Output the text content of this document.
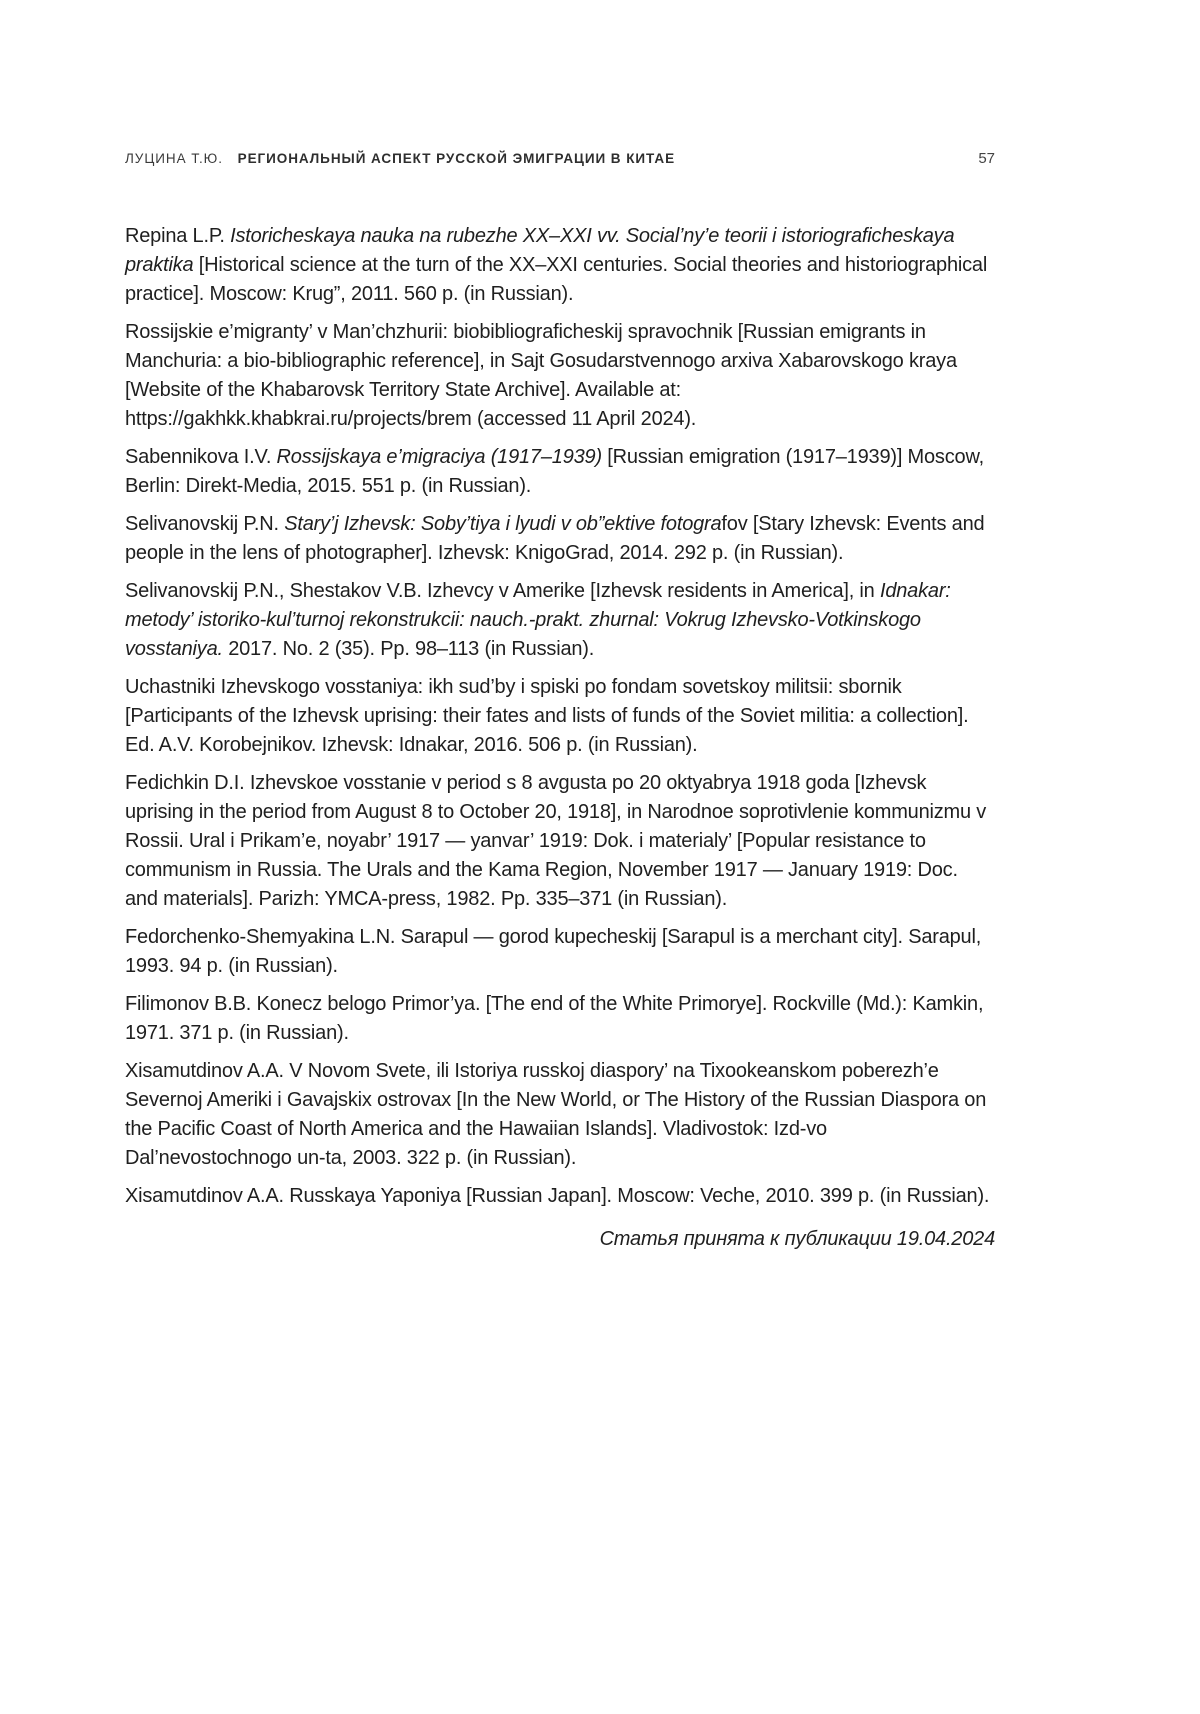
ЛУЦИНА Т.Ю. РЕГИОНАЛЬНЫЙ АСПЕКТ РУССКОЙ ЭМИГРАЦИИ В КИТАЕ	57

Repina L.P. Istoricheskaya nauka na rubezhe XX–XXI vv. Social’ny’e teorii i istoriograficheskaya praktika [Historical science at the turn of the XX–XXI centuries. Social theories and historiographical practice]. Moscow: Krug”, 2011. 560 p. (in Russian).

Rossijskie e’migranty’ v Man’chzhurii: biobibliograficheskij spravochnik [Russian emigrants in Manchuria: a bio-bibliographic reference], in Sajt Gosudarstvennogo arxiva Xabarovskogo kraya [Website of the Khabarovsk Territory State Archive]. Available at: https://gakhkk.khabkrai.ru/projects/brem (accessed 11 April 2024).

Sabennikova I.V. Rossijskaya e’migraciya (1917–1939) [Russian emigration (1917–1939)] Moscow, Berlin: Direkt-Media, 2015. 551 p. (in Russian).

Selivanovskij P.N. Stary’j Izhevsk: Soby’tiya i lyudi v ob”ektive fotografov [Stary Izhevsk: Events and people in the lens of photographer]. Izhevsk: KnigoGrad, 2014. 292 p. (in Russian).

Selivanovskij P.N., Shestakov V.B. Izhevcy v Amerike [Izhevsk residents in America], in Idnakar: metody’ istoriko-kul’turnoj rekonstrukcii: nauch.-prakt. zhurnal: Vokrug Izhevsko-Votkinskogo vosstaniya. 2017. No. 2 (35). Pp. 98–113 (in Russian).

Uchastniki Izhevskogo vosstaniya: ikh sud’by i spiski po fondam sovetskoy militsii: sbornik [Participants of the Izhevsk uprising: their fates and lists of funds of the Soviet militia: a collection]. Ed. A.V. Korobejnikov. Izhevsk: Idnakar, 2016. 506 p. (in Russian).

Fedichkin D.I. Izhevskoe vosstanie v period s 8 avgusta po 20 oktyabrya 1918 goda [Izhevsk uprising in the period from August 8 to October 20, 1918], in Narodnoe soprotivlenie kommunizmu v Rossii. Ural i Prikam’e, noyabr’ 1917 — yanvar’ 1919: Dok. i materialy’ [Popular resistance to communism in Russia. The Urals and the Kama Region, November 1917 — January 1919: Doc. and materials]. Parizh: YMCA-press, 1982. Pp. 335–371 (in Russian).

Fedorchenko-Shemyakina L.N. Sarapul — gorod kupecheskij [Sarapul is a merchant city]. Sarapul, 1993. 94 p. (in Russian).

Filimonov B.B. Konecz belogo Primor’ya. [The end of the White Primorye]. Rockville (Md.): Kamkin, 1971. 371 p. (in Russian).

Xisamutdinov A.A. V Novom Svete, ili Istoriya russkoj diaspory’ na Tixookeanskom poberezh’e Severnoj Ameriki i Gavajskix ostrovax [In the New World, or The History of the Russian Diaspora on the Pacific Coast of North America and the Hawaiian Islands]. Vladivostok: Izd-vo Dal’nevostochnogo un-ta, 2003. 322 p. (in Russian).

Xisamutdinov A.A. Russkaya Yaponiya [Russian Japan]. Moscow: Veche, 2010. 399 p. (in Russian).

Статья принята к публикации 19.04.2024
